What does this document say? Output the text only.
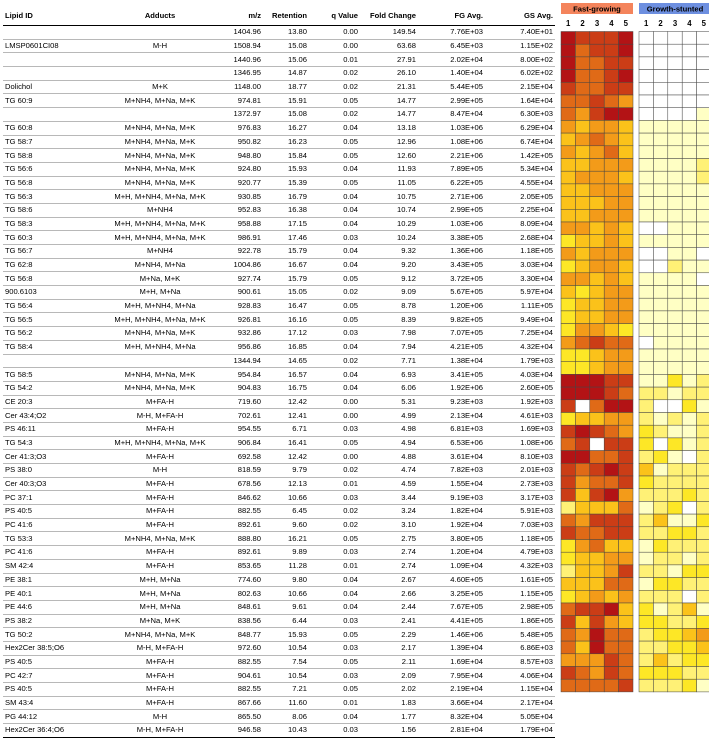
Lipid ID	Adducts	m/z	Retention	q Value	Fold Change	FG Avg.	GS Avg.
		1404.96	13.80	0.00	149.54	7.76E+03	7.40E+01
LMSP0601CI08	M-H	1508.94	15.08	0.00	63.68	6.45E+03	1.15E+02
		1440.96	15.06	0.01	27.91	2.02E+04	8.00E+02
		1346.95	14.87	0.02	26.10	1.40E+04	6.02E+02
Dolichol	M+K	1148.00	18.77	0.02	21.31	5.44E+05	2.15E+04
TG 60:9	M+NH4, M+Na, M+K	974.81	15.91	0.05	14.77	2.99E+05	1.64E+04
		1372.97	15.08	0.02	14.77	8.47E+04	6.30E+03
TG 60:8	M+NH4, M+Na, M+K	976.83	16.27	0.04	13.18	1.03E+06	6.29E+04
TG 58:7	M+NH4, M+Na, M+K	950.82	16.23	0.05	12.96	1.08E+06	6.74E+04
TG 58:8	M+NH4, M+Na, M+K	948.80	15.84	0.05	12.60	2.21E+06	1.42E+05
TG 56:6	M+NH4, M+Na, M+K	924.80	15.93	0.04	11.93	7.89E+05	5.34E+04
TG 56:8	M+NH4, M+Na, M+K	920.77	15.39	0.05	11.05	6.22E+05	4.55E+04
TG 56:3	M+H, M+NH4, M+Na, M+K	930.85	16.79	0.04	10.75	2.71E+06	2.05E+05
TG 58:6	M+NH4	952.83	16.38	0.04	10.74	2.99E+05	2.25E+04
TG 58:3	M+H, M+NH4, M+Na, M+K	958.88	17.15	0.04	10.29	1.03E+06	8.09E+04
TG 60:3	M+H, M+NH4, M+Na, M+K	986.91	17.46	0.03	10.24	3.38E+05	2.68E+04
TG 56:7	M+NH4	922.78	15.79	0.04	9.32	1.36E+06	1.18E+05
TG 62:8	M+NH4, M+Na	1004.86	16.67	0.04	9.20	3.43E+05	3.03E+04
TG 56:8	M+Na, M+K	927.74	15.79	0.05	9.12	3.72E+05	3.30E+04
900.6103	M+H, M+Na	900.61	15.05	0.02	9.09	5.67E+05	5.97E+04
TG 56:4	M+H, M+NH4, M+Na	928.83	16.47	0.05	8.78	1.20E+06	1.11E+05
TG 56:5	M+H, M+NH4, M+Na, M+K	926.81	16.16	0.05	8.39	9.82E+05	9.49E+04
TG 56:2	M+NH4, M+Na, M+K	932.86	17.12	0.03	7.98	7.07E+05	7.25E+04
TG 58:4	M+H, M+NH4, M+Na	956.86	16.85	0.04	7.94	4.21E+05	4.32E+04
		1344.94	14.65	0.02	7.71	1.38E+04	1.79E+03
TG 58:5	M+NH4, M+Na, M+K	954.84	16.57	0.04	6.93	3.41E+05	4.03E+04
TG 54:2	M+NH4, M+Na, M+K	904.83	16.75	0.04	6.06	1.92E+06	2.60E+05
CE 20:3	M+FA-H	719.60	12.42	0.00	5.31	9.23E+03	1.92E+03
Cer 43:4;O2	M-H, M+FA-H	702.61	12.41	0.00	4.99	2.13E+04	4.61E+03
PS 46:11	M+FA-H	954.55	6.71	0.03	4.98	6.81E+03	1.69E+03
TG 54:3	M+H, M+NH4, M+Na, M+K	906.84	16.41	0.05	4.94	6.53E+06	1.08E+06
Cer 41:3;O3	M+FA-H	692.58	12.42	0.00	4.88	3.61E+04	8.10E+03
PS 38:0	M-H	818.59	9.79	0.02	4.74	7.82E+03	2.01E+03
Cer 40:3;O3	M+FA-H	678.56	12.13	0.01	4.59	1.55E+04	2.73E+03
PC 37:1	M+FA-H	846.62	10.66	0.03	3.44	9.19E+03	3.17E+03
PS 40:5	M+FA-H	882.55	6.45	0.02	3.24	1.82E+04	5.91E+03
PC 41:6	M+FA-H	892.61	9.60	0.02	3.10	1.92E+04	7.03E+03
TG 53:3	M+NH4, M+Na, M+K	888.80	16.21	0.05	2.75	3.80E+05	1.18E+05
PC 41:6	M+FA-H	892.61	9.89	0.03	2.74	1.20E+04	4.79E+03
SM 42:4	M+FA-H	853.65	11.28	0.01	2.74	1.09E+04	4.32E+03
PE 38:1	M+H, M+Na	774.60	9.80	0.04	2.67	4.60E+05	1.61E+05
PE 40:1	M+H, M+Na	802.63	10.66	0.04	2.66	3.25E+05	1.15E+05
PE 44:6	M+H, M+Na	848.61	9.61	0.04	2.44	7.67E+05	2.98E+05
PS 38:2	M+Na, M+K	838.56	6.44	0.03	2.41	4.41E+05	1.86E+05
TG 50:2	M+NH4, M+Na, M+K	848.77	15.93	0.05	2.29	1.46E+06	5.48E+05
Hex2Cer 38:5;O6	M-H, M+FA-H	972.60	10.54	0.03	2.17	1.39E+04	6.86E+03
PS 40:5	M+FA-H	882.55	7.54	0.05	2.11	1.69E+04	8.57E+03
PC 42:7	M+FA-H	904.61	10.54	0.03	2.09	7.95E+04	4.06E+04
PS 40:5	M+FA-H	882.55	7.21	0.05	2.02	2.19E+04	1.15E+04
SM 43:4	M+FA-H	867.66	11.60	0.01	1.83	3.66E+04	2.17E+04
PG 44:12	M-H	865.50	8.06	0.04	1.77	8.32E+04	5.05E+04
Hex2Cer 36:4;O6	M-H, M+FA-H	946.58	10.43	0.03	1.56	2.81E+04	1.79E+04
Fast-growing
1 2 3 4 5
Growth-stunted
1 2 3 4 5
